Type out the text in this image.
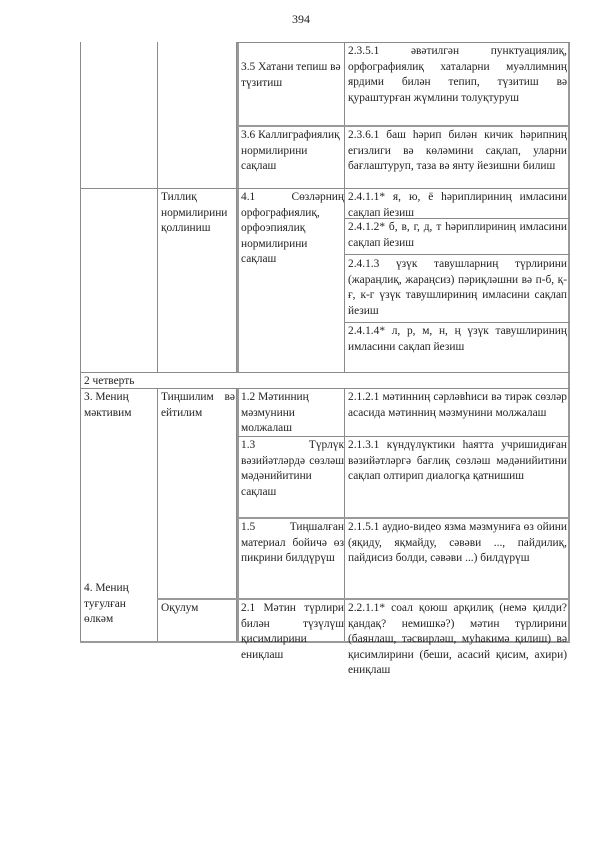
394
3.5 Хатани тепиш вә түзитиш
2.3.5.1 әвәтилгән пунктуациялиқ, орфографиялиқ хаталарни муәллимниң ярдими билән тепип, түзитиш вә қураштурған жүмлини толуқтуруш
3.6 Каллиграфиялиқ нормилирини сақлаш
2.3.6.1 баш һәрип билән кичик һәрипниң егизлиги вә көләмини сақлап, уларни бағлаштуруп, таза вә янту йезишни билиш
Тиллиқ нормилирини қоллиниш
4.1 Сөзләрниң орфографиялиқ, орфоэпиялиқ нормилирини сақлаш
2.4.1.1* я, ю, ё һәриплириниң имласини сақлап йезиш
2.4.1.2* б, в, г, д, т һәриплириниң имласини сақлап йезиш
2.4.1.3 үзүк тавушларниң түрлирини (жараңлиқ, жараңсиз) пәриқләшни вә п-б, қ-ғ, к-г үзүк тавушлириниң имласини сақлап йезиш
2.4.1.4* л, р, м, н, ң үзүк тавушлириниң имласини сақлап йезиш
2 четверть
3. Мениң мәктивим
4. Мениң туғулған өлкәм
Тиңшилим вә ейтилим
1.2 Мәтинниң мәзмунини молжалаш
2.1.2.1 мәтинниң сәрләвһиси вә тирәк сөзләр асасида мәтинниң мәзмунини молжалаш
1.3 Түрлүк вәзийәтләрдә сөзләш мәдәнийитини сақлаш
2.1.3.1 күндүлүктики һаятта учришидиған вәзийәтләргә бағлиқ сөзләш мәдәнийитини сақлап олтирип диалогқа қатнишиш
1.5 Тиңшалған материал бойичә өз пикрини билдүрүш
2.1.5.1 аудио-видео язма мәзмуниға өз ойини (яқиду, яқмайду, сәвәви ..., пайдилиқ, пайдисиз болди, сәвәви ...) билдүрүш
Оқулум	2.1 Мәтин түрлири билән түзүлүш қисимлирини ениқлаш
2.2.1.1* соал қоюш арқилиқ (немә қилди? қандақ? немишкә?) мәтин түрлирини (баянлаш, тәсвирләш, муһакимә қилиш) вә қисимлирини (беши, асасий қисим, ахири) ениқлаш
